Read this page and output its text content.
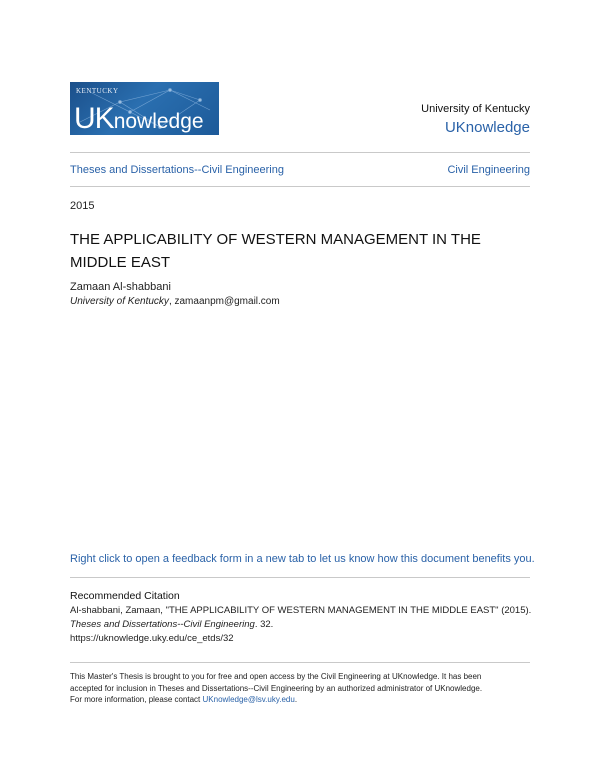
KENTUCKY
UKnowledge
University of Kentucky
UKnowledge
Theses and Dissertations--Civil Engineering	Civil Engineering
2015
THE APPLICABILITY OF WESTERN MANAGEMENT IN THE
MIDDLE EAST
Zamaan Al-shabbani
University of Kentucky, zamaanpm@gmail.com
Right click to open a feedback form in a new tab to let us know how this document benefits you.
Recommended Citation
Al-shabbani, Zamaan, "THE APPLICABILITY OF WESTERN MANAGEMENT IN THE MIDDLE EAST" (2015).
Theses and Dissertations--Civil Engineering. 32.
https://uknowledge.uky.edu/ce_etds/32
This Master's Thesis is brought to you for free and open access by the Civil Engineering at UKnowledge. It has been
accepted for inclusion in Theses and Dissertations--Civil Engineering by an authorized administrator of UKnowledge.
For more information, please contact UKnowledge@lsv.uky.edu.
